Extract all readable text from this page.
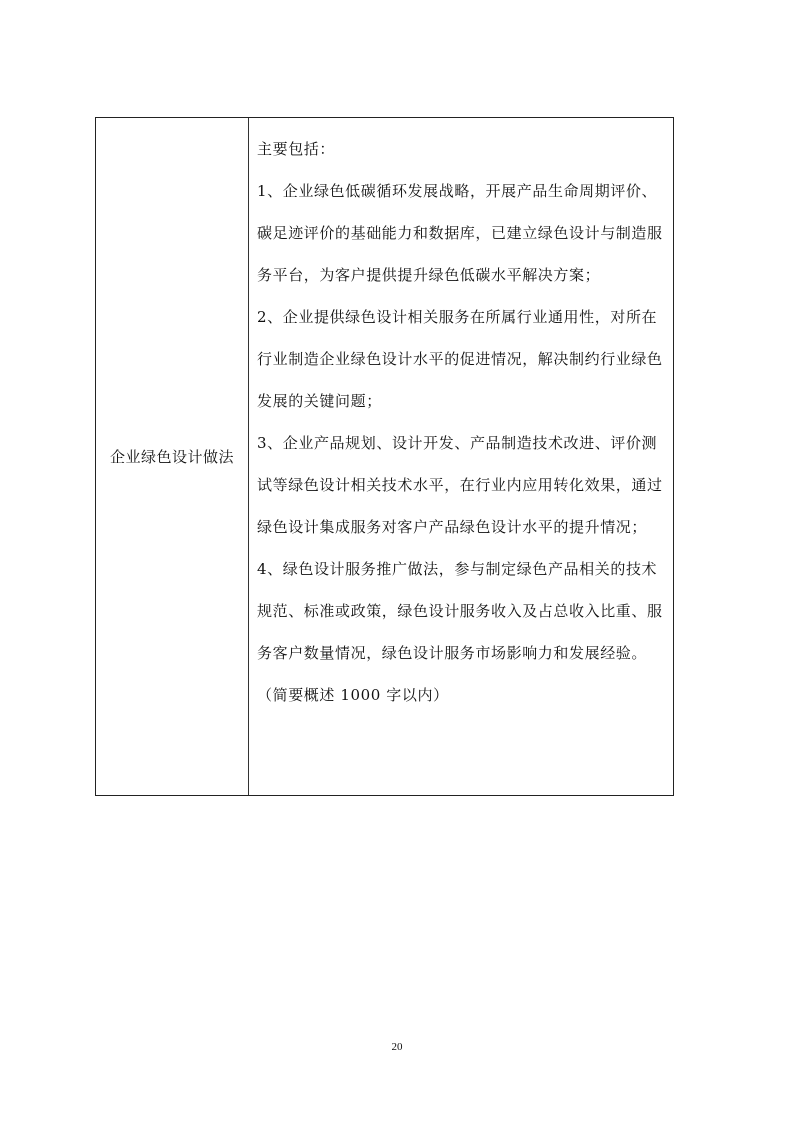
企业绿色设计做法

主要包括：

1、企业绿色低碳循环发展战略，开展产品生命周期评价、

碳足迹评价的基础能力和数据库，已建立绿色设计与制造服

务平台，为客户提供提升绿色低碳水平解决方案；

2、企业提供绿色设计相关服务在所属行业通用性，对所在

行业制造企业绿色设计水平的促进情况，解决制约行业绿色

发展的关键问题；

3、企业产品规划、设计开发、产品制造技术改进、评价测

试等绿色设计相关技术水平，在行业内应用转化效果，通过

绿色设计集成服务对客户产品绿色设计水平的提升情况；

4、绿色设计服务推广做法，参与制定绿色产品相关的技术

规范、标准或政策，绿色设计服务收入及占总收入比重、服

务客户数量情况，绿色设计服务市场影响力和发展经验。

（简要概述 1000 字以内）

20
